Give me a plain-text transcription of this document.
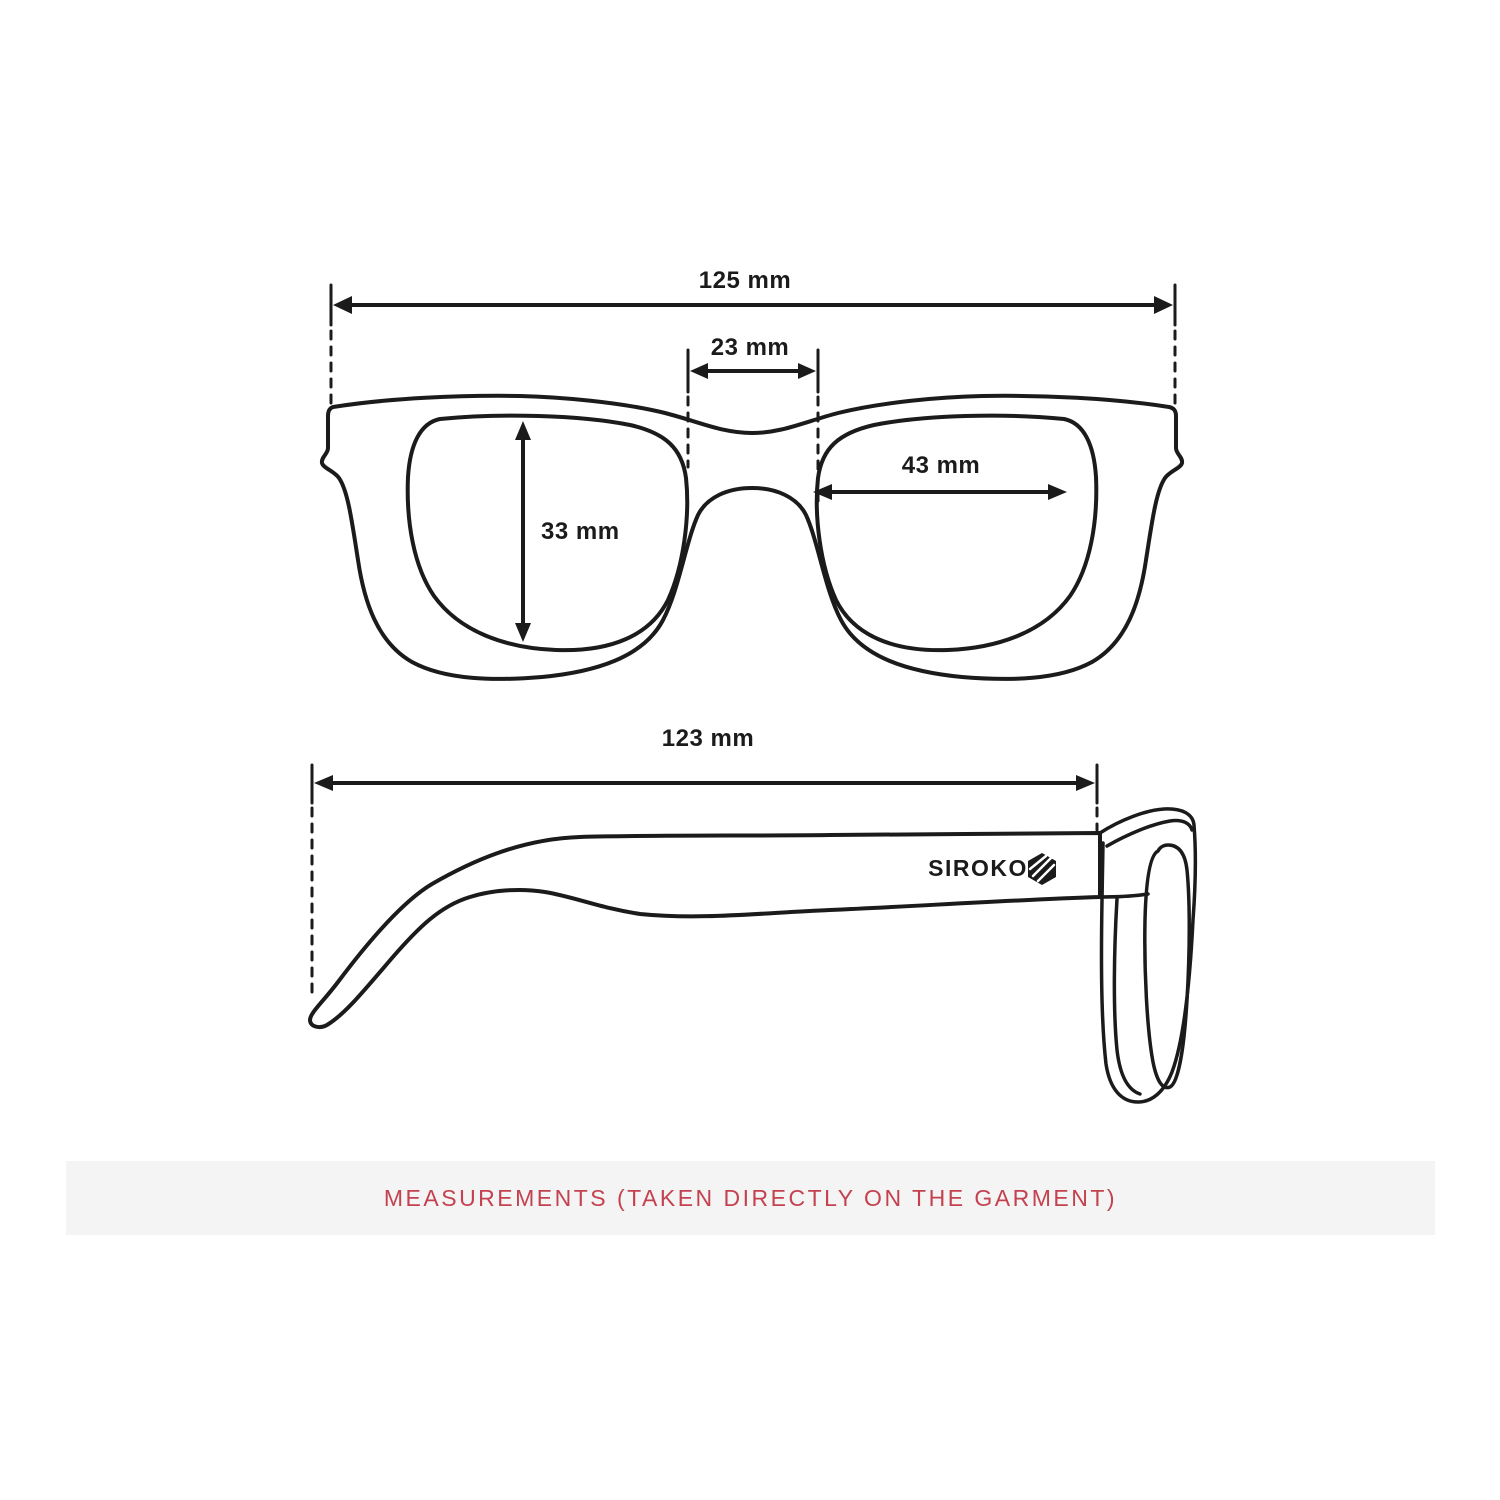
125 mm
23 mm
33 mm
43 mm
123 mm
SIROKO
MEASUREMENTS (TAKEN DIRECTLY ON THE GARMENT)
